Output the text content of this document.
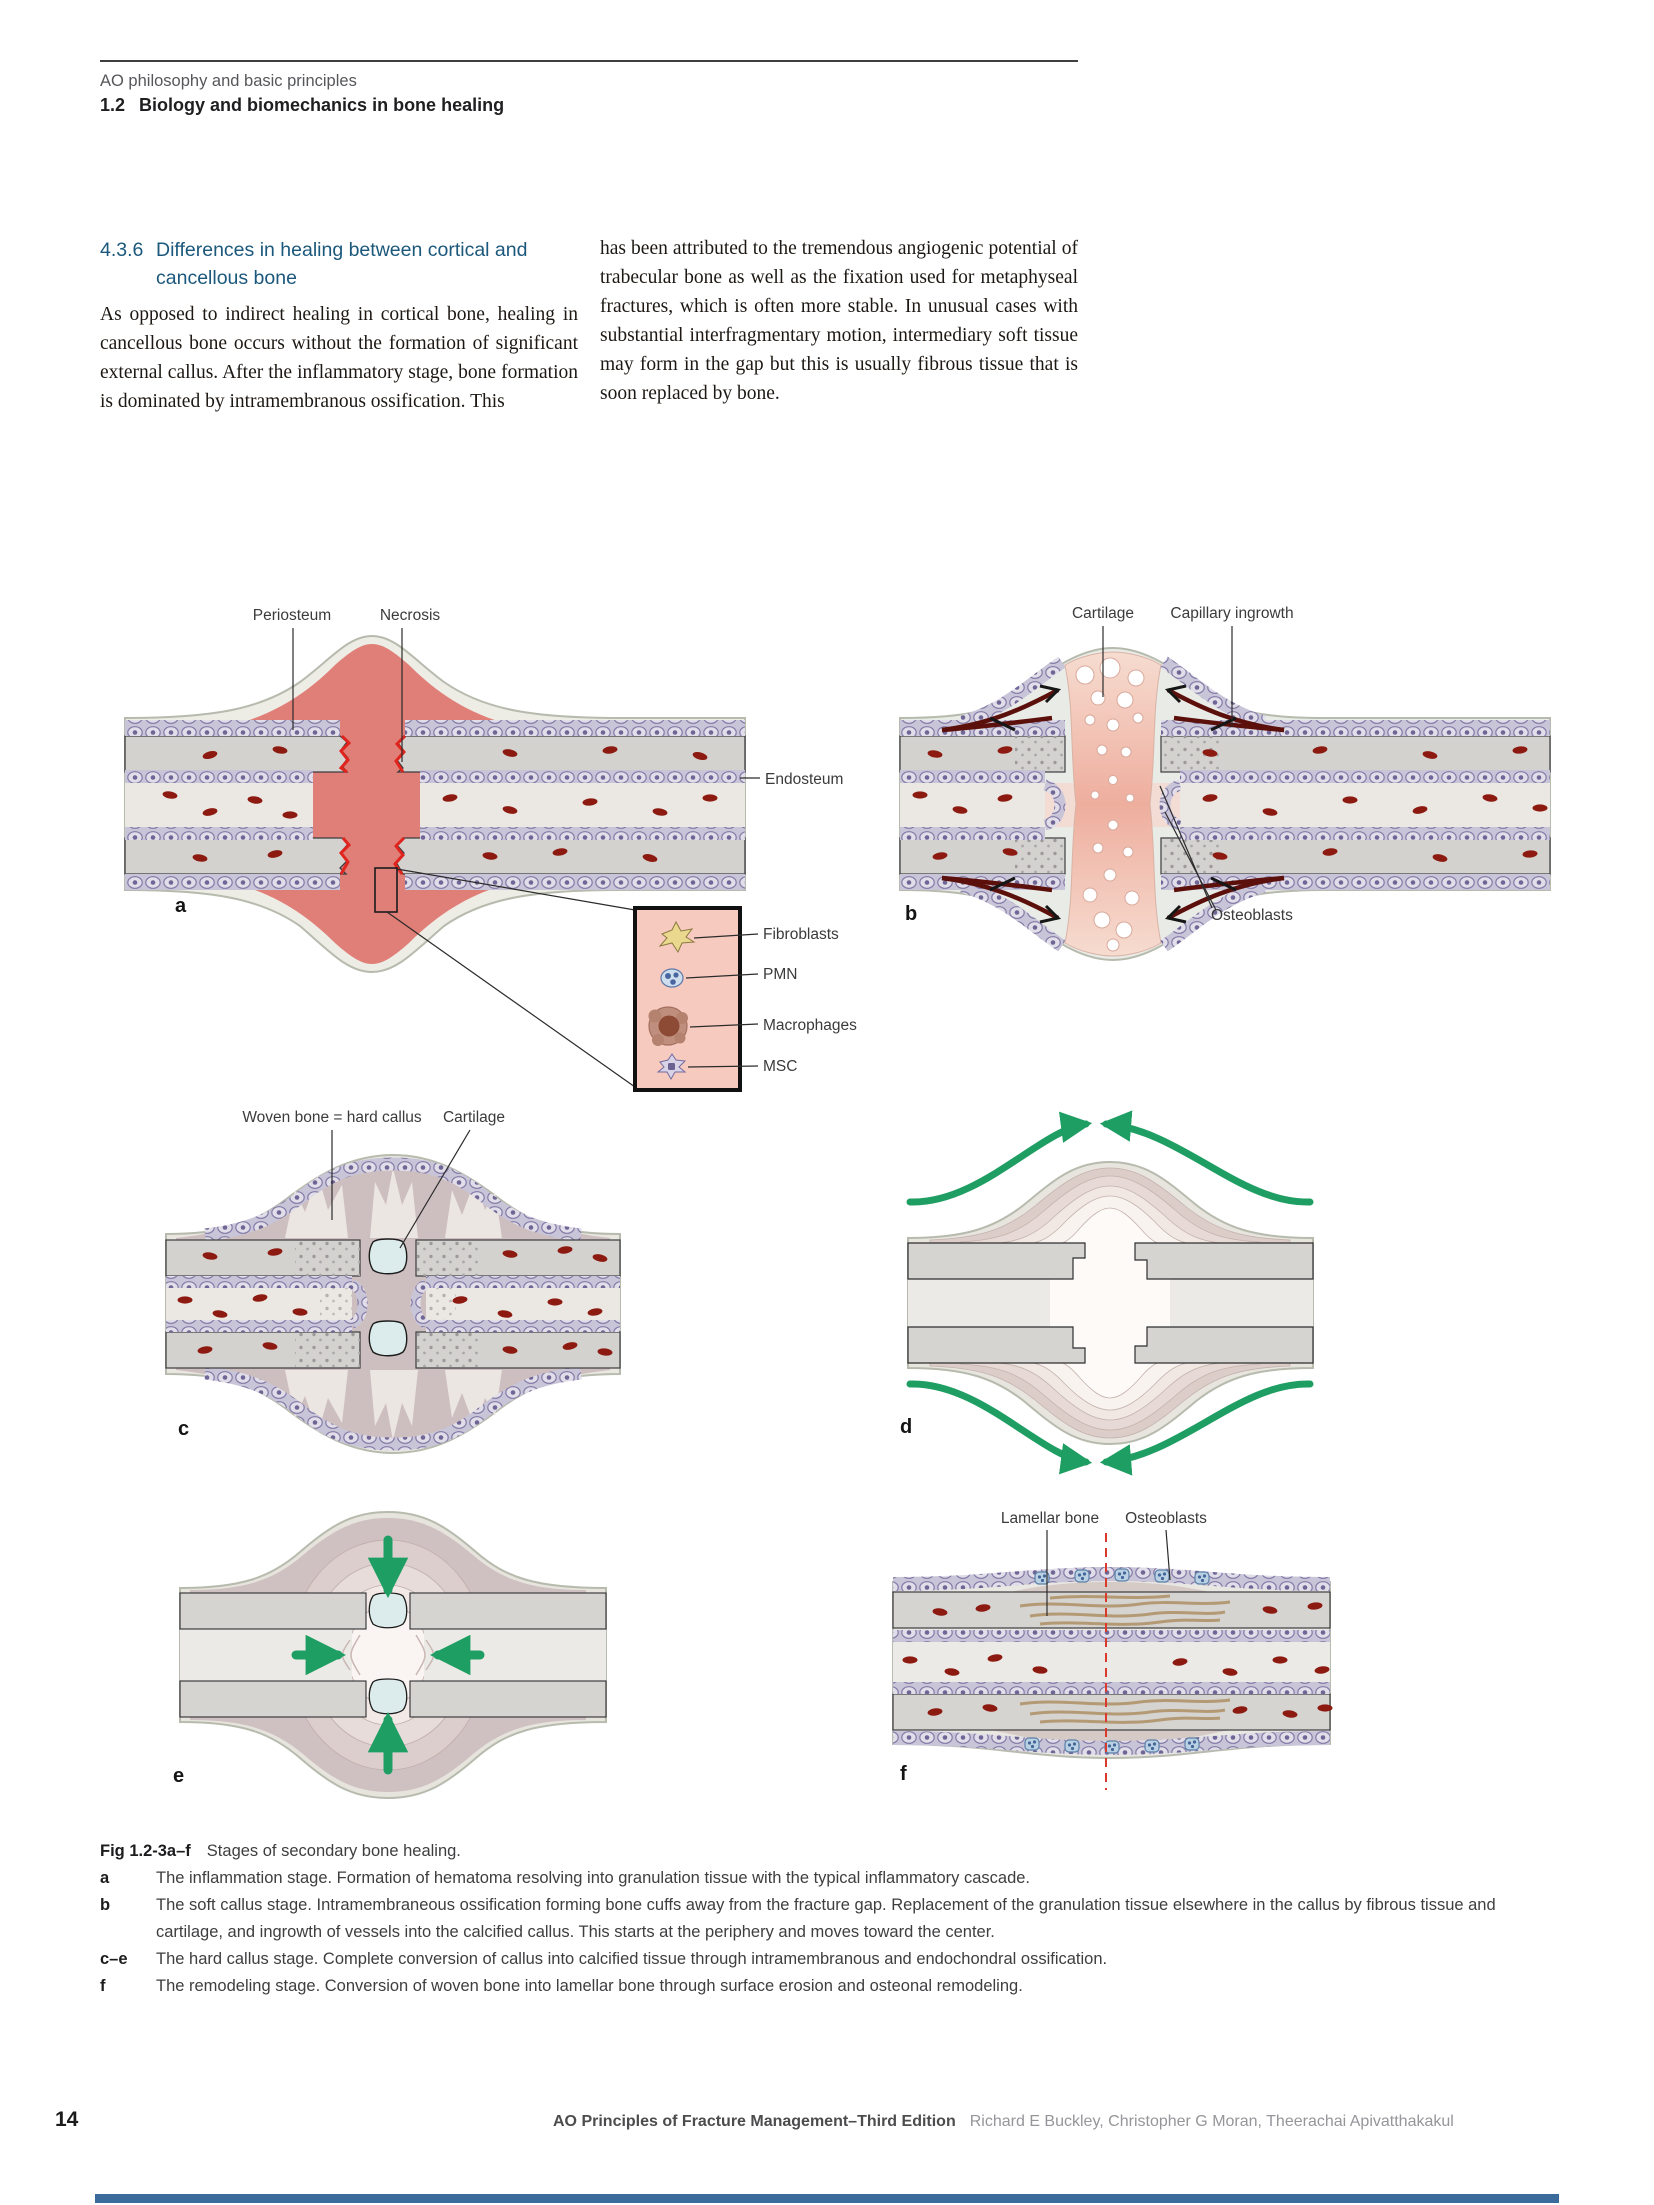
AO philosophy and basic principles
1.2 Biology and biomechanics in bone healing
4.3.6 Differences in healing between cortical and cancellous bone
As opposed to indirect healing in cortical bone, healing in cancellous bone occurs without the formation of significant external callus. After the inflammatory stage, bone formation is dominated by intramembranous ossification. This
has been attributed to the tremendous angiogenic potential of trabecular bone as well as the fixation used for metaphyseal fractures, which is often more stable. In unusual cases with substantial interfragmentary motion, intermediary soft tissue may form in the gap but this is usually fibrous tissue that is soon replaced by bone.
Periosteum	Necrosis
Endosteum
a
Fibroblasts
PMN
Macrophages
MSC
Cartilage Capillary ingrowth
Osteoblasts
b
Woven bone = hard callus Cartilage
c	d
e
Lamellar bone Osteoblasts
f
Fig 1.2-3a–f Stages of secondary bone healing.
a	The inflammation stage. Formation of hematoma resolving into granulation tissue with the typical inflammatory cascade.
b	The soft callus stage. Intramembraneous ossification forming bone cuffs away from the fracture gap. Replacement of the granulation tissue elsewhere in the callus by fibrous tissue and cartilage, and ingrowth of vessels into the calcified callus. This starts at the periphery and moves toward the center.
c–e	The hard callus stage. Complete conversion of callus into calcified tissue through intramembranous and endochondral ossification.
f	The remodeling stage. Conversion of woven bone into lamellar bone through surface erosion and osteonal remodeling.
14	AO Principles of Fracture Management–Third Edition Richard E Buckley, Christopher G Moran, Theerachai Apivatthakakul
